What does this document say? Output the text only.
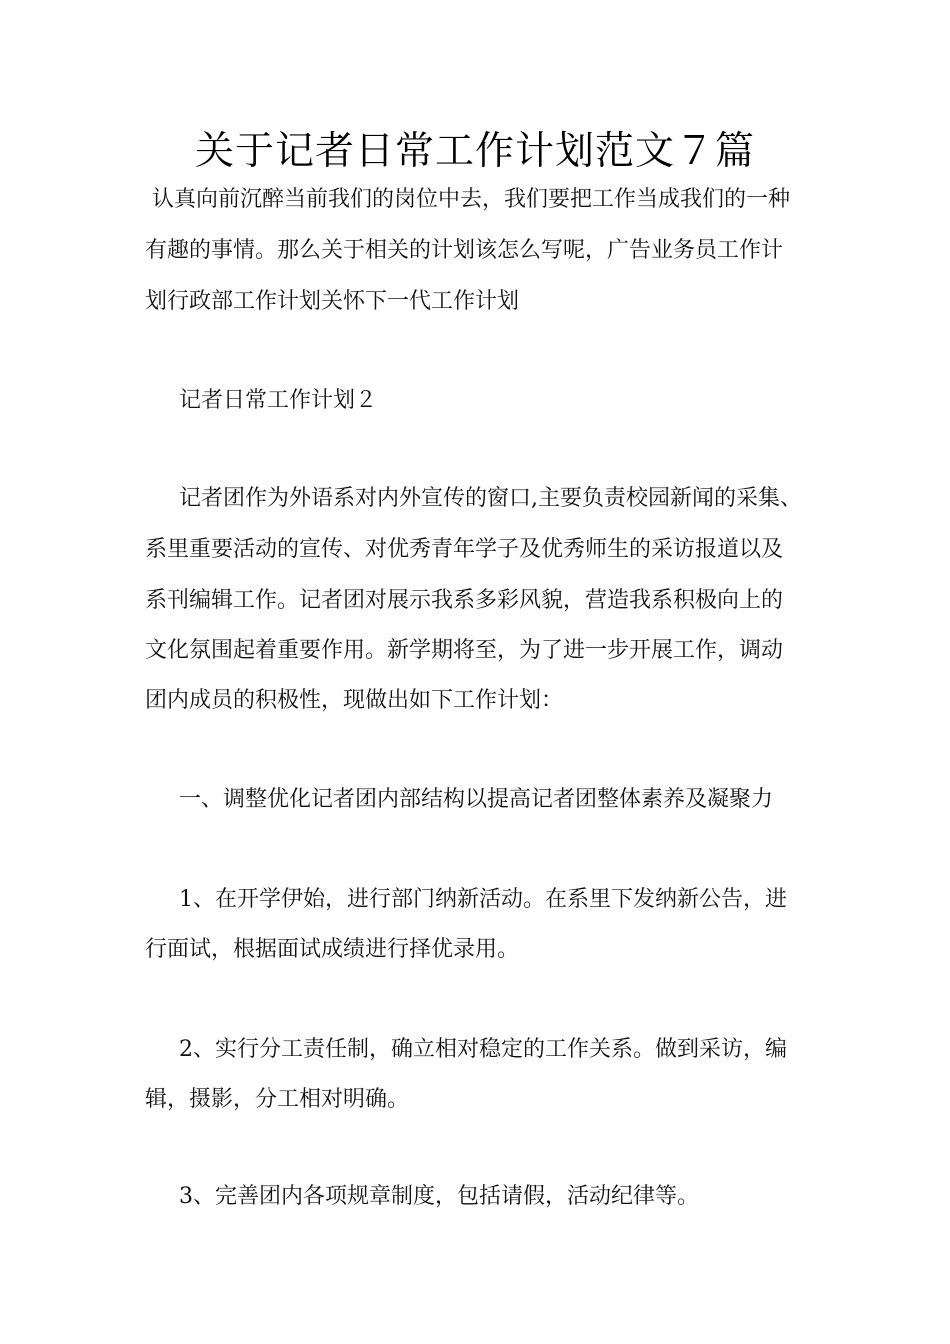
关于记者日常工作计划范文７篇

认真向前沉醉当前我们的岗位中去，我们要把工作当成我们的一种

有趣的事情。那么关于相关的计划该怎么写呢，广告业务员工作计

划行政部工作计划关怀下一代工作计划

记者日常工作计划２

记者团作为外语系对内外宣传的窗口,主要负责校园新闻的采集、

系里重要活动的宣传、对优秀青年学子及优秀师生的采访报道以及

系刊编辑工作。记者团对展示我系多彩风貌，营造我系积极向上的

文化氛围起着重要作用。新学期将至，为了进一步开展工作，调动

团内成员的积极性，现做出如下工作计划：

一、调整优化记者团内部结构以提高记者团整体素养及凝聚力

1、在开学伊始，进行部门纳新活动。在系里下发纳新公告，进

行面试，根据面试成绩进行择优录用。

2、实行分工责任制，确立相对稳定的工作关系。做到采访，编

辑，摄影，分工相对明确。

3、完善团内各项规章制度，包括请假，活动纪律等。
